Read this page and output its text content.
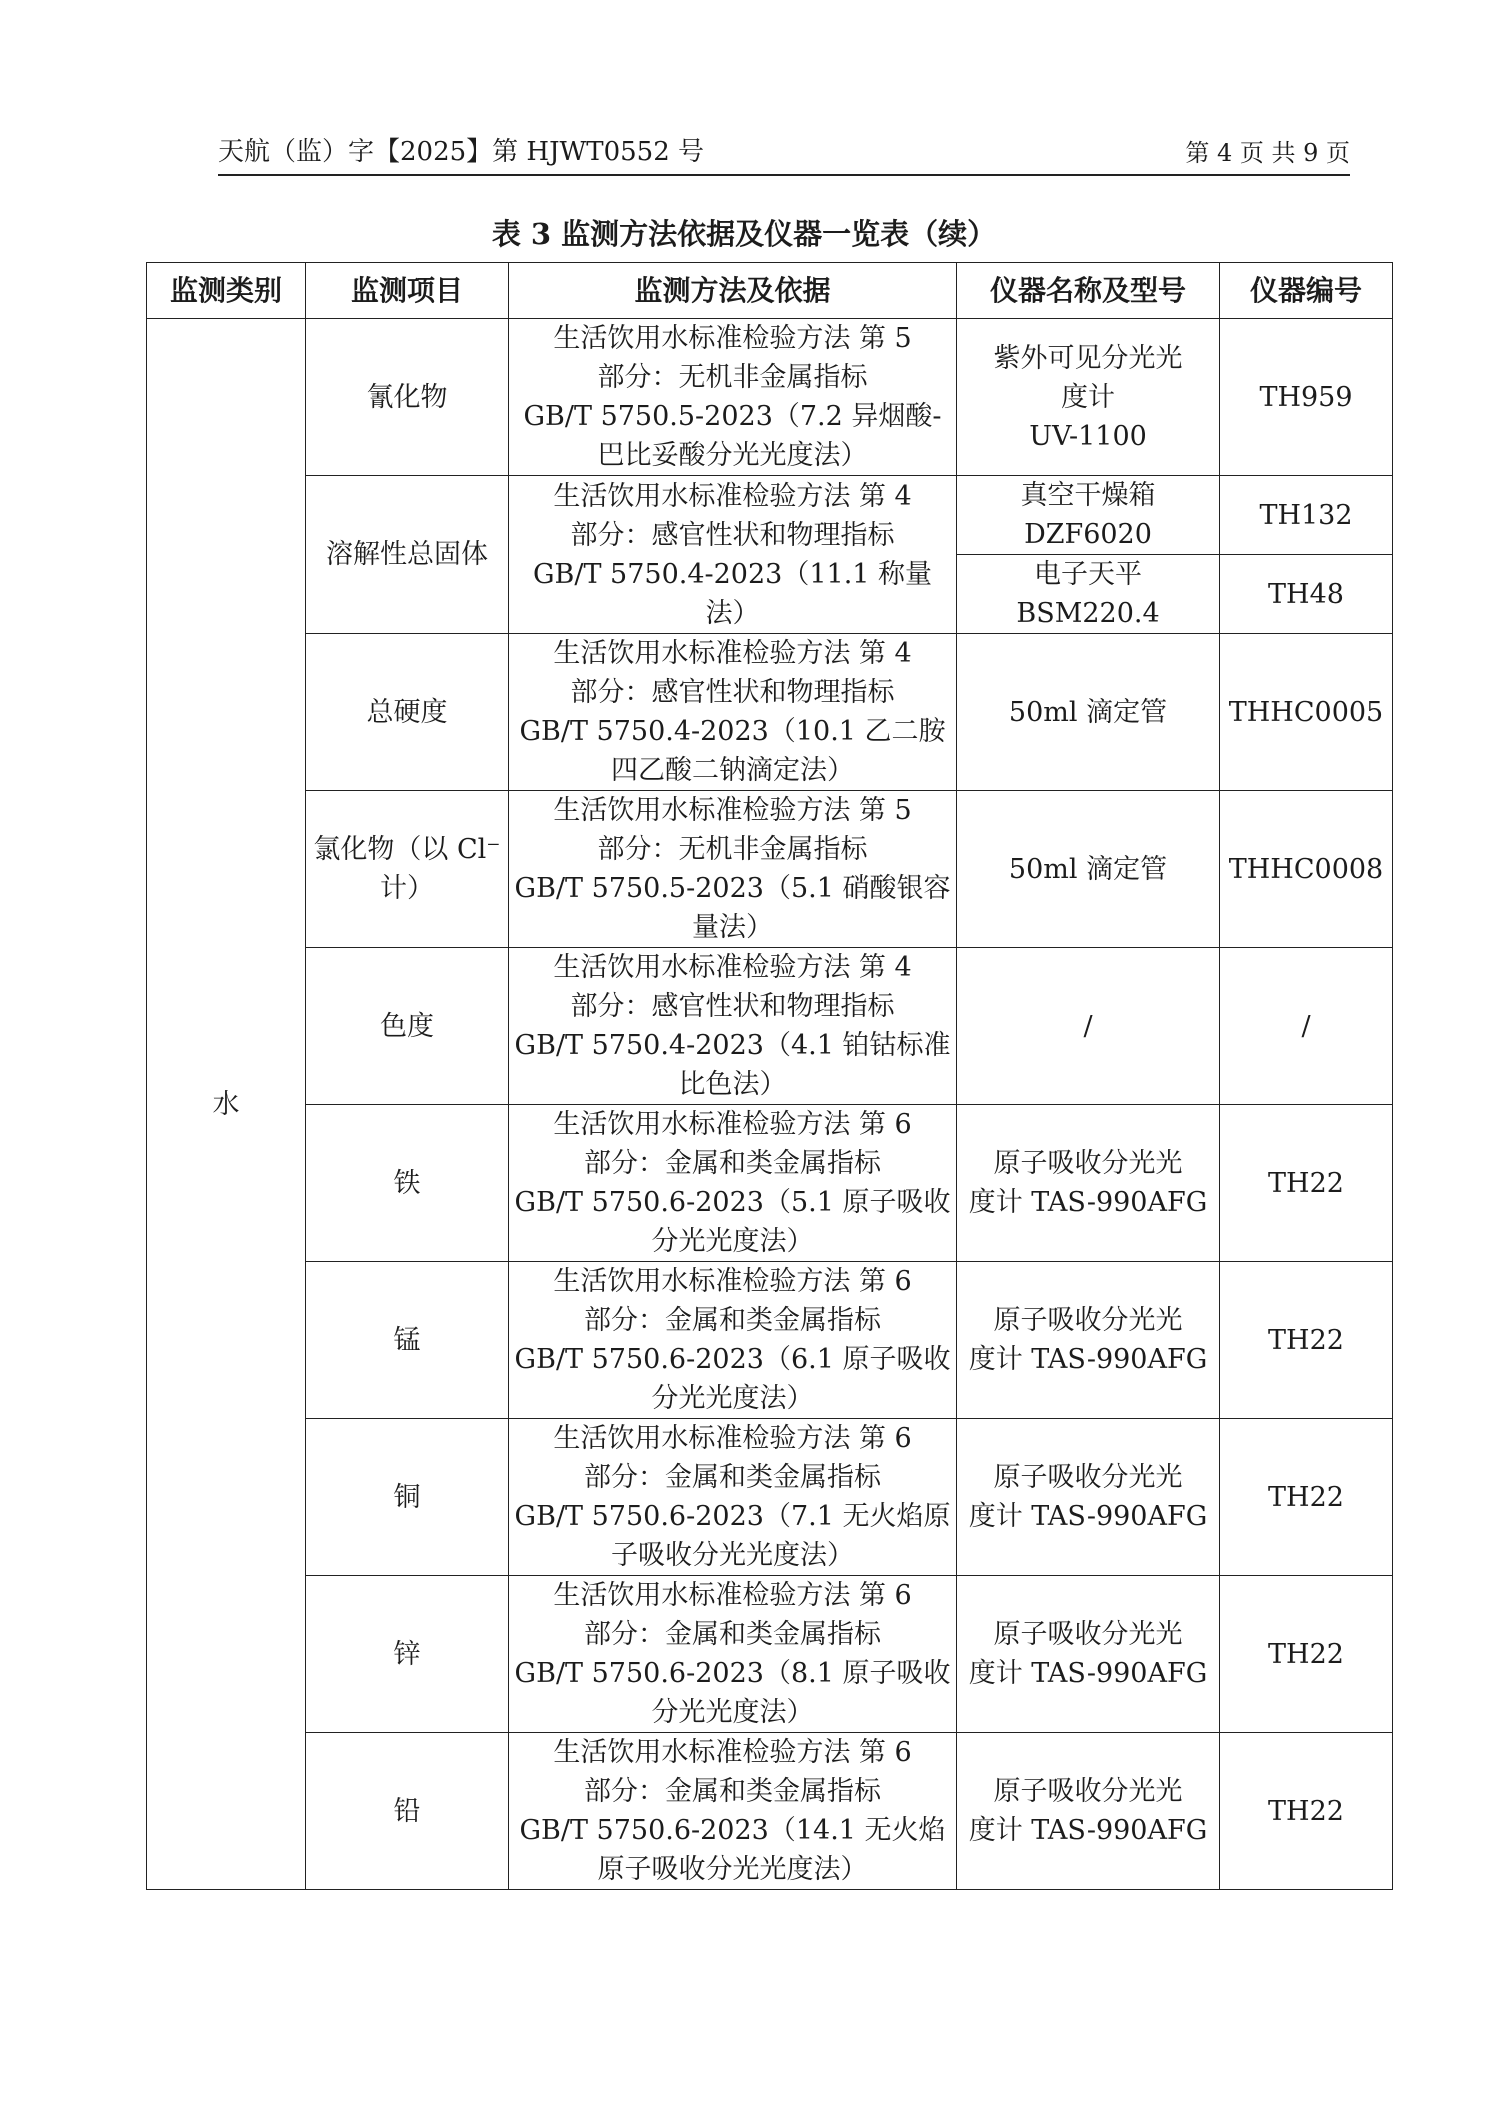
天航（监）字【2025】第 HJWT0552 号	第 4 页 共 9 页
表 3 监测方法依据及仪器一览表（续）
监测类别	监测项目	监测方法及依据	仪器名称及型号	仪器编号
水	氰化物	生活饮用水标准检验方法 第 5
部分：无机非金属指标
GB/T 5750.5-2023（7.2 异烟酸-
巴比妥酸分光光度法）	紫外可见分光光
度计
UV-1100	TH959
	溶解性总固体	生活饮用水标准检验方法 第 4
部分：感官性状和物理指标
GB/T 5750.4-2023（11.1 称量法）	真空干燥箱
DZF6020	TH132
			电子天平
BSM220.4	TH48
	总硬度	生活饮用水标准检验方法 第 4
部分：感官性状和物理指标
GB/T 5750.4-2023（10.1 乙二胺
四乙酸二钠滴定法）	50ml 滴定管	THHC0005
	氯化物（以 Cl⁻计）	生活饮用水标准检验方法 第 5
部分：无机非金属指标
GB/T 5750.5-2023（5.1 硝酸银容
量法）	50ml 滴定管	THHC0008
	色度	生活饮用水标准检验方法 第 4
部分：感官性状和物理指标
GB/T 5750.4-2023（4.1 铂钴标准
比色法）	/	/
	铁	生活饮用水标准检验方法 第 6
部分：金属和类金属指标
GB/T 5750.6-2023（5.1 原子吸收
分光光度法）	原子吸收分光光
度计 TAS-990AFG	TH22
	锰	生活饮用水标准检验方法 第 6
部分：金属和类金属指标
GB/T 5750.6-2023（6.1 原子吸收
分光光度法）	原子吸收分光光
度计 TAS-990AFG	TH22
	铜	生活饮用水标准检验方法 第 6
部分：金属和类金属指标
GB/T 5750.6-2023（7.1 无火焰原
子吸收分光光度法）	原子吸收分光光
度计 TAS-990AFG	TH22
	锌	生活饮用水标准检验方法 第 6
部分：金属和类金属指标
GB/T 5750.6-2023（8.1 原子吸收
分光光度法）	原子吸收分光光
度计 TAS-990AFG	TH22
	铅	生活饮用水标准检验方法 第 6
部分：金属和类金属指标
GB/T 5750.6-2023（14.1 无火焰
原子吸收分光光度法）	原子吸收分光光
度计 TAS-990AFG	TH22
